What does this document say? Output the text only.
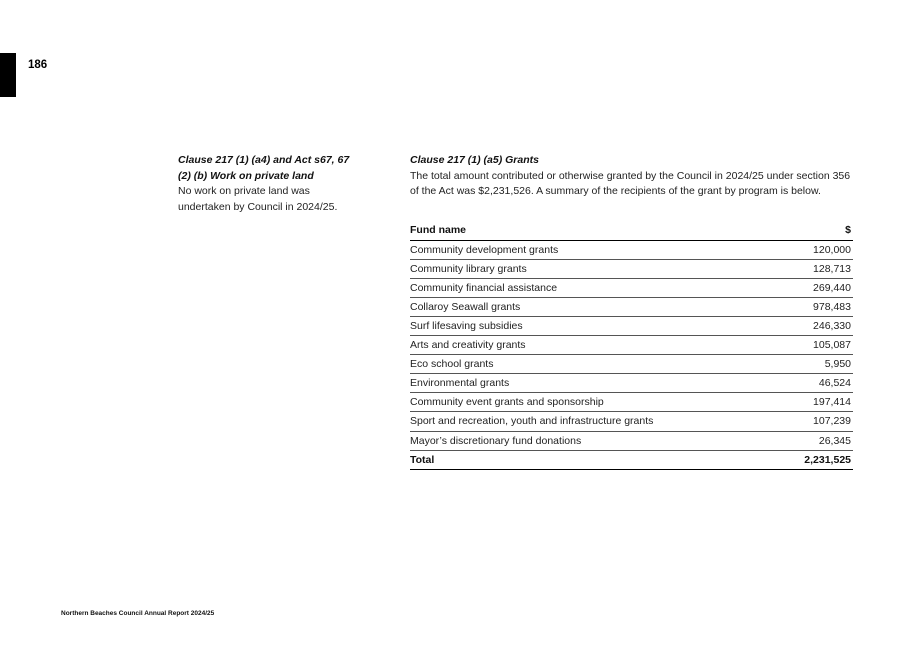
186
Clause 217 (1) (a4) and Act s67, 67 (2) (b) Work on private land
No work on private land was undertaken by Council in 2024/25.
Clause 217 (1) (a5) Grants
The total amount contributed or otherwise granted by the Council in 2024/25 under section 356 of the Act was $2,231,526. A summary of the recipients of the grant by program is below.
Fund name	$
Community development grants	120,000
Community library grants	128,713
Community financial assistance	269,440
Collaroy Seawall grants	978,483
Surf lifesaving subsidies	246,330
Arts and creativity grants	105,087
Eco school grants	5,950
Environmental grants	46,524
Community event grants and sponsorship	197,414
Sport and recreation, youth and infrastructure grants	107,239
Mayor’s discretionary fund donations	26,345
Total	2,231,525
Northern Beaches Council Annual Report 2024/25
